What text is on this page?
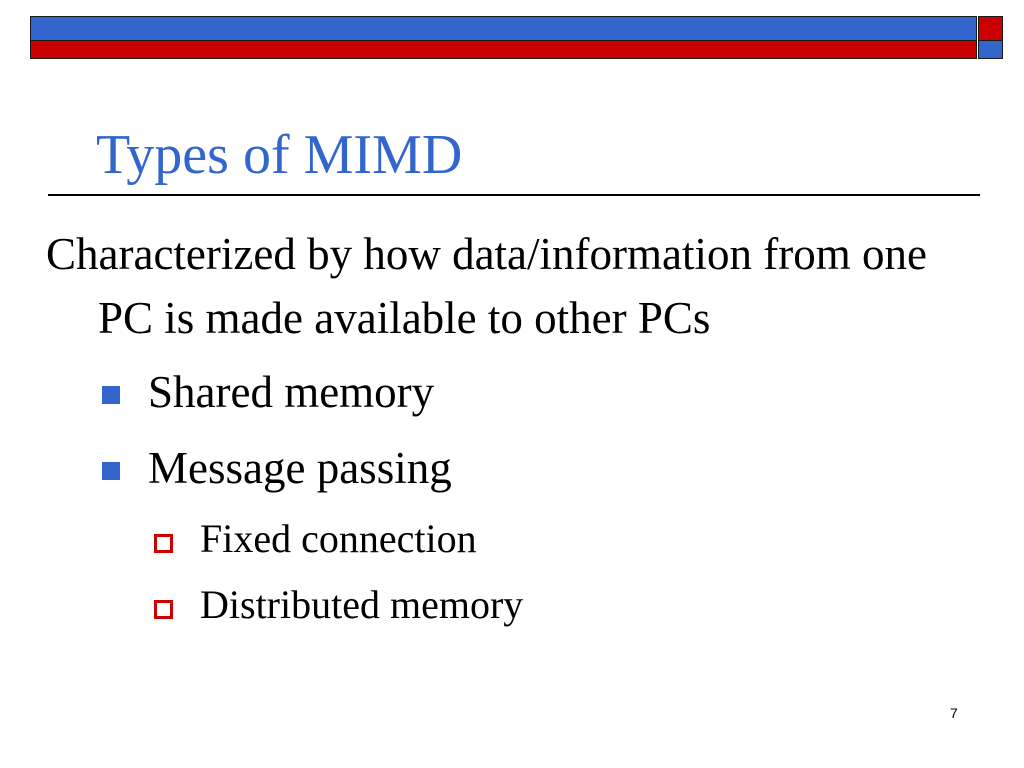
Types of MIMD

Characterized by how data/information from one PC is made available to other PCs

Shared memory

Message passing

Fixed connection

Distributed memory

7
